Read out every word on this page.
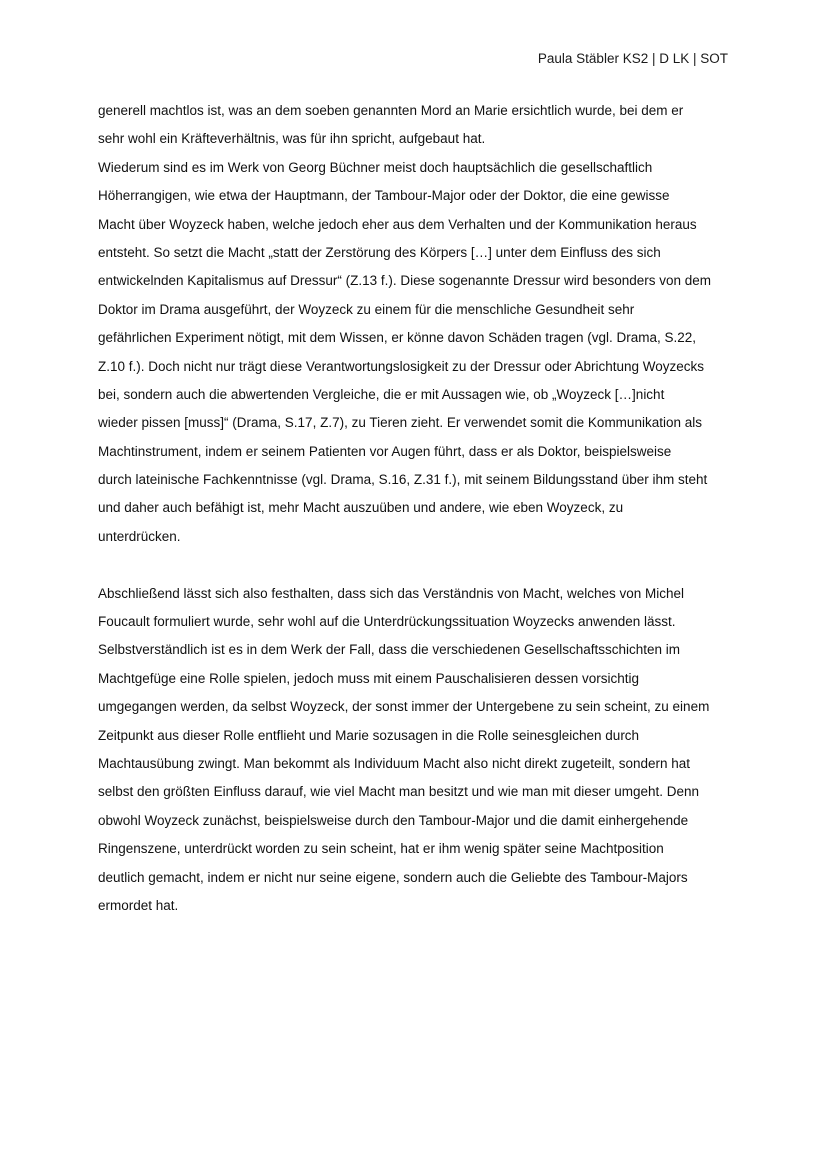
Paula Stäbler KS2 | D LK | SOT
generell machtlos ist, was an dem soeben genannten Mord an Marie ersichtlich wurde, bei dem er
sehr wohl ein Kräfteverhältnis, was für ihn spricht, aufgebaut hat.
Wiederum sind es im Werk von Georg Büchner meist doch hauptsächlich die gesellschaftlich
Höherrangigen, wie etwa der Hauptmann, der Tambour-Major oder der Doktor, die eine gewisse
Macht über Woyzeck haben, welche jedoch eher aus dem Verhalten und der Kommunikation heraus
entsteht. So setzt die Macht „statt der Zerstörung des Körpers […] unter dem Einfluss des sich
entwickelnden Kapitalismus auf Dressur“ (Z.13 f.). Diese sogenannte Dressur wird besonders von dem
Doktor im Drama ausgeführt, der Woyzeck zu einem für die menschliche Gesundheit sehr
gefährlichen Experiment nötigt, mit dem Wissen, er könne davon Schäden tragen (vgl. Drama, S.22,
Z.10 f.). Doch nicht nur trägt diese Verantwortungslosigkeit zu der Dressur oder Abrichtung Woyzecks
bei, sondern auch die abwertenden Vergleiche, die er mit Aussagen wie, ob „Woyzeck […]nicht
wieder pissen [muss]“ (Drama, S.17, Z.7), zu Tieren zieht. Er verwendet somit die Kommunikation als
Machtinstrument, indem er seinem Patienten vor Augen führt, dass er als Doktor, beispielsweise
durch lateinische Fachkenntnisse (vgl. Drama, S.16, Z.31 f.), mit seinem Bildungsstand über ihm steht
und daher auch befähigt ist, mehr Macht auszuüben und andere, wie eben Woyzeck, zu
unterdrücken.
Abschließend lässt sich also festhalten, dass sich das Verständnis von Macht, welches von Michel
Foucault formuliert wurde, sehr wohl auf die Unterdrückungssituation Woyzecks anwenden lässt.
Selbstverständlich ist es in dem Werk der Fall, dass die verschiedenen Gesellschaftsschichten im
Machtgefüge eine Rolle spielen, jedoch muss mit einem Pauschalisieren dessen vorsichtig
umgegangen werden, da selbst Woyzeck, der sonst immer der Untergebene zu sein scheint, zu einem
Zeitpunkt aus dieser Rolle entflieht und Marie sozusagen in die Rolle seinesgleichen durch
Machtausübung zwingt. Man bekommt als Individuum Macht also nicht direkt zugeteilt, sondern hat
selbst den größten Einfluss darauf, wie viel Macht man besitzt und wie man mit dieser umgeht. Denn
obwohl Woyzeck zunächst, beispielsweise durch den Tambour-Major und die damit einhergehende
Ringenszene, unterdrückt worden zu sein scheint, hat er ihm wenig später seine Machtposition
deutlich gemacht, indem er nicht nur seine eigene, sondern auch die Geliebte des Tambour-Majors
ermordet hat.
